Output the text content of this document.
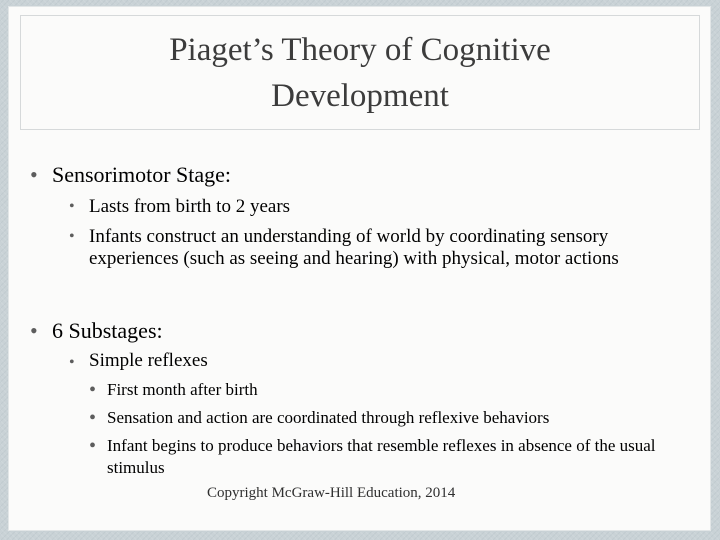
Piaget’s Theory of Cognitive Development
• Sensorimotor Stage:

• Lasts from birth to 2 years

• Infants construct an understanding of world by coordinating sensory experiences (such as seeing and hearing) with physical, motor actions

• 6 Substages:

• Simple reflexes

• First month after birth

• Sensation and action are coordinated through reflexive behaviors

• Infant begins to produce behaviors that resemble reflexes in absence of the usual stimulus

Copyright McGraw-Hill Education, 2014
